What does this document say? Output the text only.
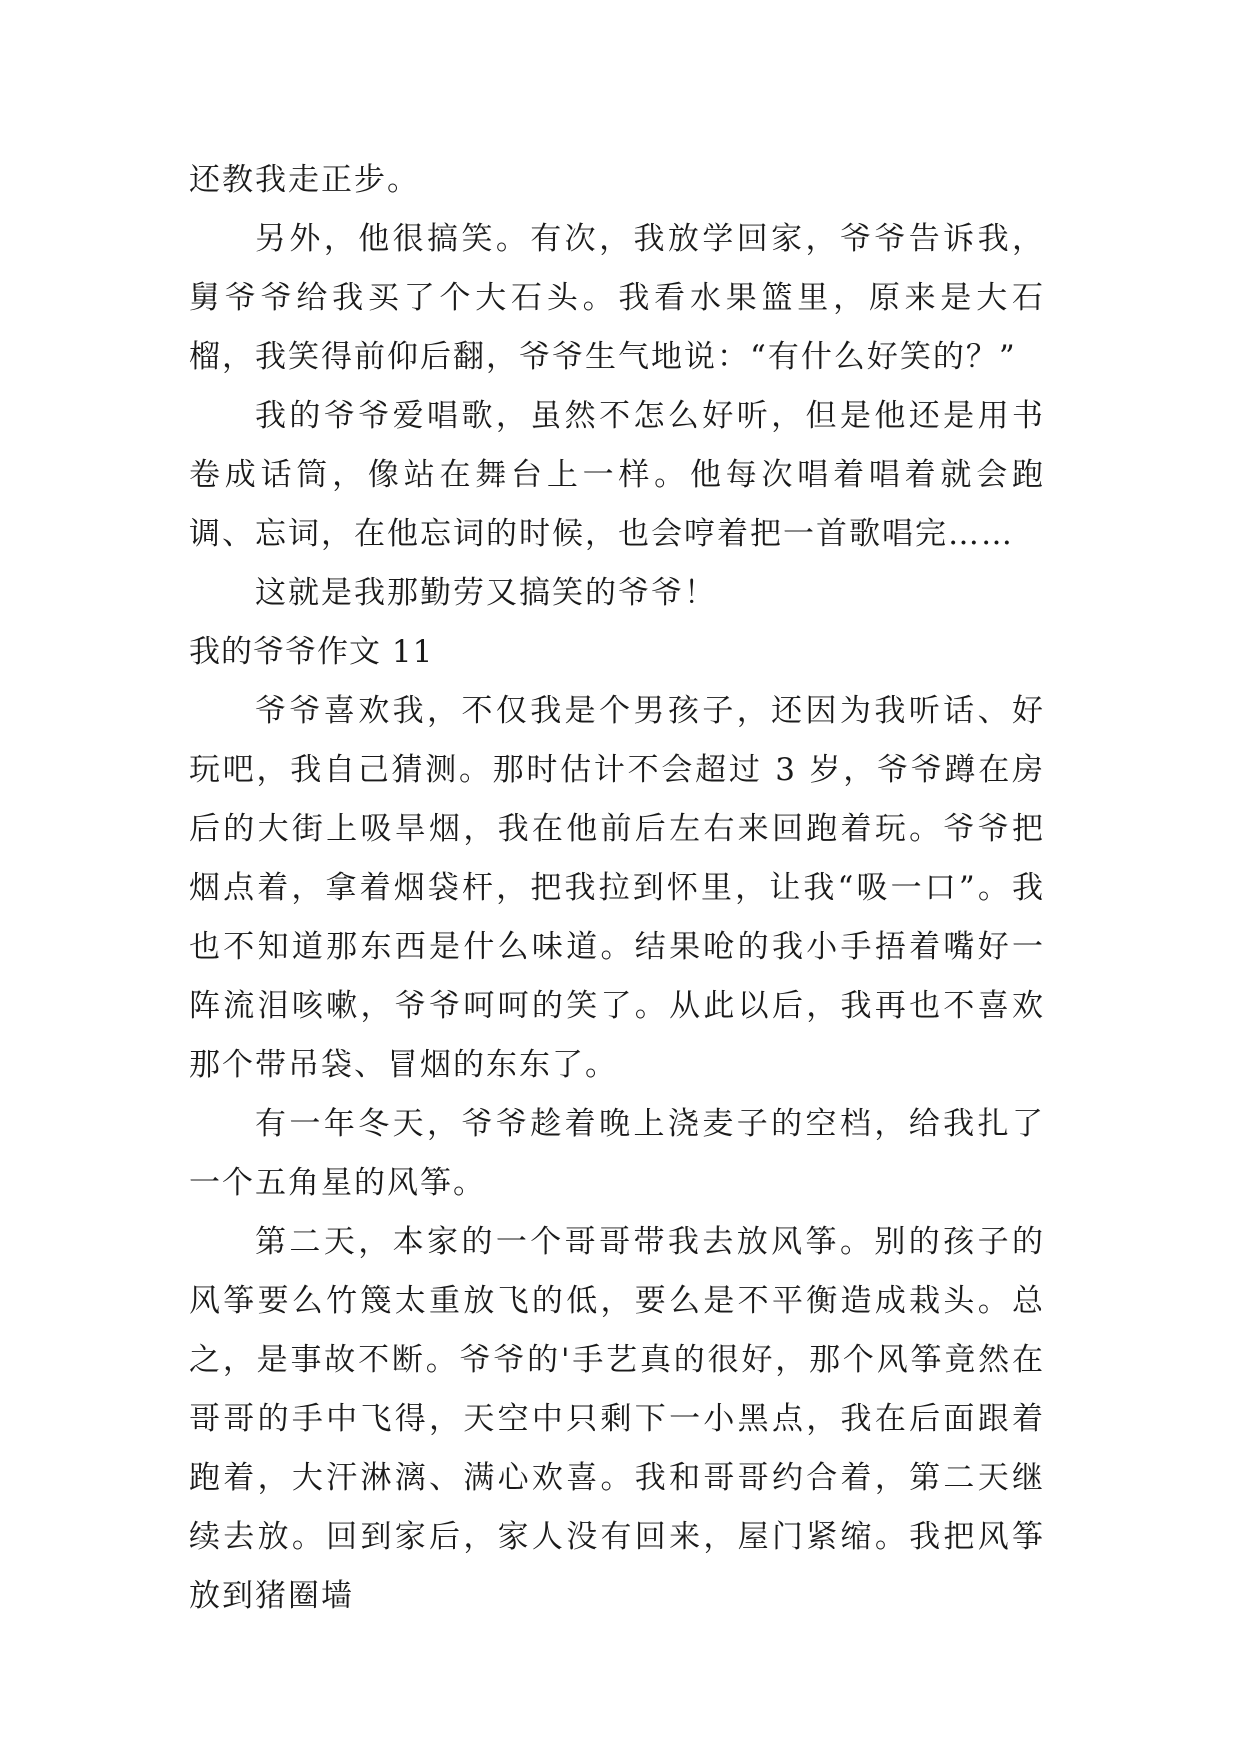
还教我走正步。

另外，他很搞笑。有次，我放学回家，爷爷告诉我，舅爷爷给我买了个大石头。我看水果篮里，原来是大石榴，我笑得前仰后翻，爷爷生气地说：“有什么好笑的？”

我的爷爷爱唱歌，虽然不怎么好听，但是他还是用书卷成话筒，像站在舞台上一样。他每次唱着唱着就会跑调、忘词，在他忘词的时候，也会哼着把一首歌唱完……

这就是我那勤劳又搞笑的爷爷！

我的爷爷作文 11

爷爷喜欢我，不仅我是个男孩子，还因为我听话、好玩吧，我自己猜测。那时估计不会超过 3 岁，爷爷蹲在房后的大街上吸旱烟，我在他前后左右来回跑着玩。爷爷把烟点着，拿着烟袋杆，把我拉到怀里，让我“吸一口”。我也不知道那东西是什么味道。结果呛的我小手捂着嘴好一阵流泪咳嗽，爷爷呵呵的笑了。从此以后，我再也不喜欢那个带吊袋、冒烟的东东了。

有一年冬天，爷爷趁着晚上浇麦子的空档，给我扎了一个五角星的风筝。

第二天，本家的一个哥哥带我去放风筝。别的孩子的风筝要么竹篾太重放飞的低，要么是不平衡造成栽头。总之，是事故不断。爷爷的'手艺真的很好，那个风筝竟然在哥哥的手中飞得，天空中只剩下一小黑点，我在后面跟着跑着，大汗淋漓、满心欢喜。我和哥哥约合着，第二天继续去放。回到家后，家人没有回来，屋门紧缩。我把风筝放到猪圈墙
